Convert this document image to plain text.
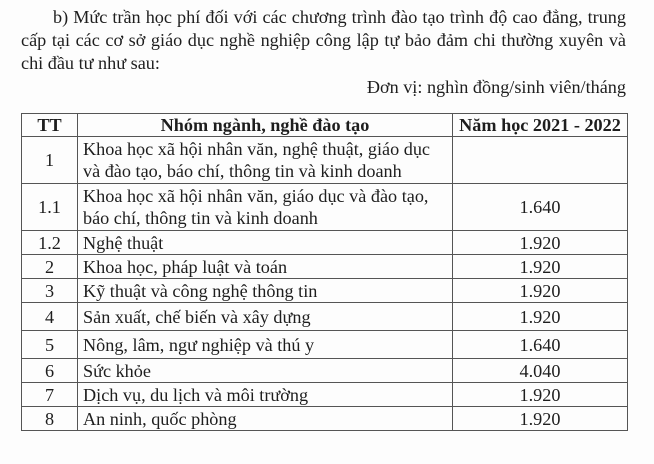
b) Mức trần học phí đối với các chương trình đào tạo trình độ cao đẳng, trung cấp tại các cơ sở giáo dục nghề nghiệp công lập tự bảo đảm chi thường xuyên và chi đầu tư như sau:

Đơn vị: nghìn đồng/sinh viên/tháng

TT	Nhóm ngành, nghề đào tạo	Năm học 2021 - 2022
1	Khoa học xã hội nhân văn, nghệ thuật, giáo dục và đào tạo, báo chí, thông tin và kinh doanh	
1.1	Khoa học xã hội nhân văn, giáo dục và đào tạo, báo chí, thông tin và kinh doanh	1.640
1.2	Nghệ thuật	1.920
2	Khoa học, pháp luật và toán	1.920
3	Kỹ thuật và công nghệ thông tin	1.920
4	Sản xuất, chế biến và xây dựng	1.920
5	Nông, lâm, ngư nghiệp và thú y	1.640
6	Sức khỏe	4.040
7	Dịch vụ, du lịch và môi trường	1.920
8	An ninh, quốc phòng	1.920
